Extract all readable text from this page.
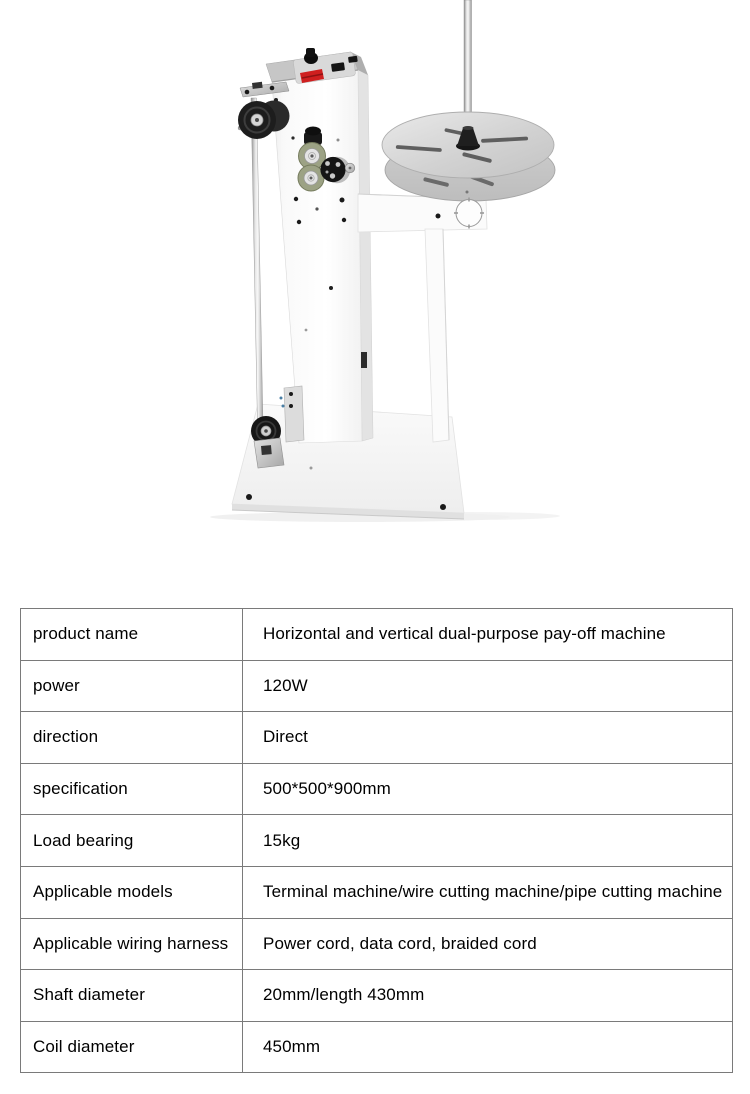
product name	Horizontal and vertical dual-purpose pay-off machine
power	120W
direction	Direct
specification	500*500*900mm
Load bearing	15kg
Applicable models	Terminal machine/wire cutting machine/pipe cutting machine
Applicable wiring harness	Power cord, data cord, braided cord
Shaft diameter	20mm/length 430mm
Coil diameter	450mm
